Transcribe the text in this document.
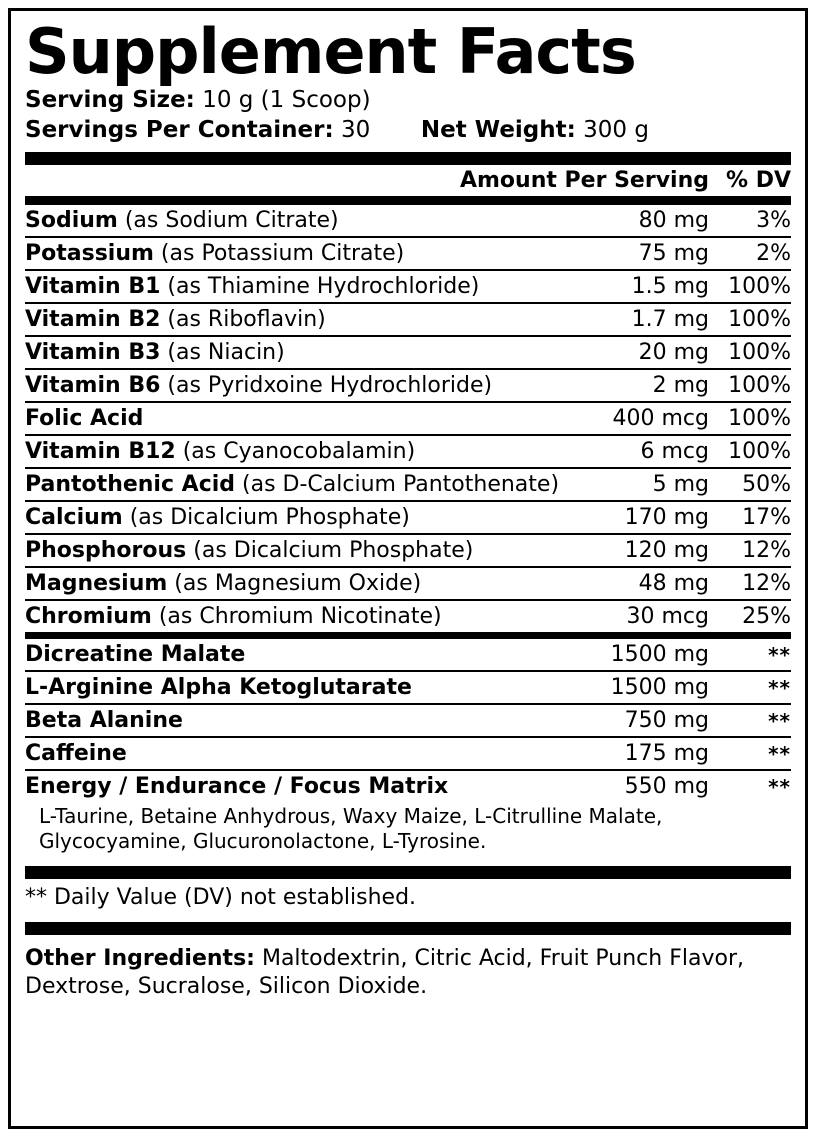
Supplement Facts
Serving Size: 10 g (1 Scoop)
Servings Per Container: 30 Net Weight: 300 g
	Amount Per Serving	% DV
Sodium (as Sodium Citrate)	80 mg	3%
Potassium (as Potassium Citrate)	75 mg	2%
Vitamin B1 (as Thiamine Hydrochloride)	1.5 mg	100%
Vitamin B2 (as Riboflavin)	1.7 mg	100%
Vitamin B3 (as Niacin)	20 mg	100%
Vitamin B6 (as Pyridxoine Hydrochloride)	2 mg	100%
Folic Acid	400 mcg	100%
Vitamin B12 (as Cyanocobalamin)	6 mcg	100%
Pantothenic Acid (as D-Calcium Pantothenate)	5 mg	50%
Calcium (as Dicalcium Phosphate)	170 mg	17%
Phosphorous (as Dicalcium Phosphate)	120 mg	12%
Magnesium (as Magnesium Oxide)	48 mg	12%
Chromium (as Chromium Nicotinate)	30 mcg	25%
Dicreatine Malate	1500 mg	**
L-Arginine Alpha Ketoglutarate	1500 mg	**
Beta Alanine	750 mg	**
Caffeine	175 mg	**
Energy / Endurance / Focus Matrix	550 mg	**
L-Taurine, Betaine Anhydrous, Waxy Maize, L-Citrulline Malate, Glycocyamine, Glucuronolactone, L-Tyrosine.
** Daily Value (DV) not established.
Other Ingredients: Maltodextrin, Citric Acid, Fruit Punch Flavor, Dextrose, Sucralose, Silicon Dioxide.
